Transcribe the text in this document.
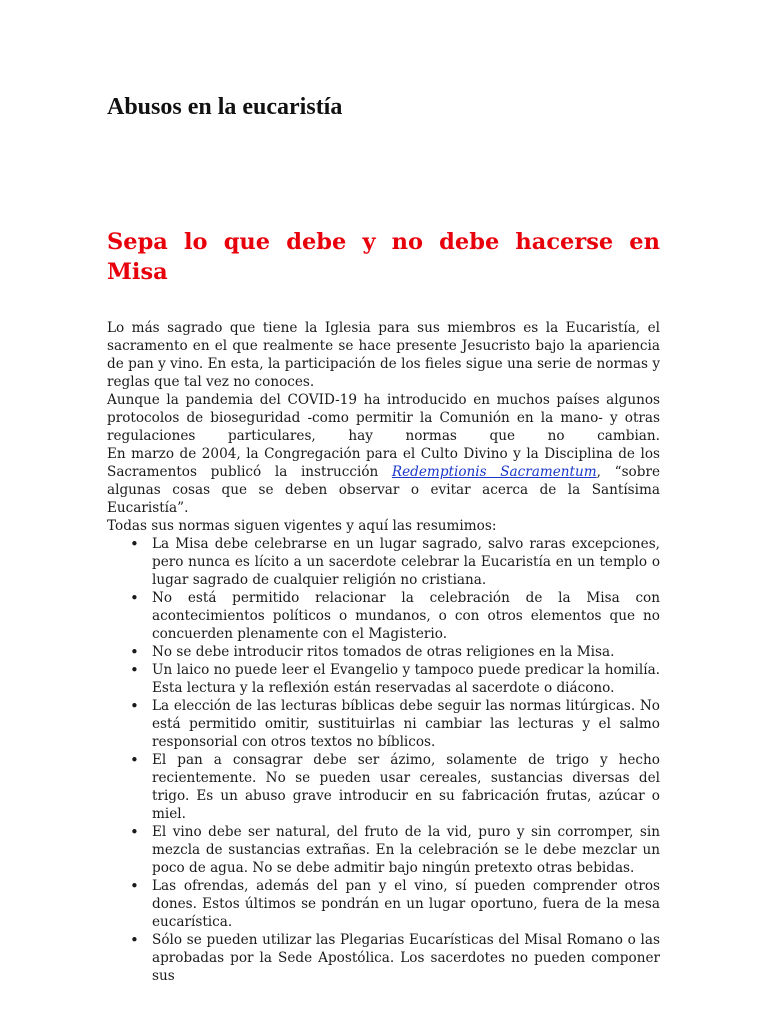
Abusos en la eucaristía
Sepa lo que debe y no debe hacerse en Misa

Lo más sagrado que tiene la Iglesia para sus miembros es la Eucaristía, el sacramento en el que realmente se hace presente Jesucristo bajo la apariencia de pan y vino. En esta, la participación de los fieles sigue una serie de normas y reglas que tal vez no conoces.

Aunque la pandemia del COVID-19 ha introducido en muchos países algunos protocolos de bioseguridad -como permitir la Comunión en la mano- y otras regulaciones particulares, hay normas que no cambian.

En marzo de 2004, la Congregación para el Culto Divino y la Disciplina de los Sacramentos publicó la instrucción Redemptionis Sacramentum, “sobre algunas cosas que se deben observar o evitar acerca de la Santísima Eucaristía”.

Todas sus normas siguen vigentes y aquí las resumimos:

• La Misa debe celebrarse en un lugar sagrado, salvo raras excepciones, pero nunca es lícito a un sacerdote celebrar la Eucaristía en un templo o lugar sagrado de cualquier religión no cristiana.
• No está permitido relacionar la celebración de la Misa con acontecimientos políticos o mundanos, o con otros elementos que no concuerden plenamente con el Magisterio.
• No se debe introducir ritos tomados de otras religiones en la Misa.
• Un laico no puede leer el Evangelio y tampoco puede predicar la homilía. Esta lectura y la reflexión están reservadas al sacerdote o diácono.
• La elección de las lecturas bíblicas debe seguir las normas litúrgicas. No está permitido omitir, sustituirlas ni cambiar las lecturas y el salmo responsorial con otros textos no bíblicos.
• El pan a consagrar debe ser ázimo, solamente de trigo y hecho recientemente. No se pueden usar cereales, sustancias diversas del trigo. Es un abuso grave introducir en su fabricación frutas, azúcar o miel.
• El vino debe ser natural, del fruto de la vid, puro y sin corromper, sin mezcla de sustancias extrañas. En la celebración se le debe mezclar un poco de agua. No se debe admitir bajo ningún pretexto otras bebidas.
• Las ofrendas, además del pan y el vino, sí pueden comprender otros dones. Estos últimos se pondrán en un lugar oportuno, fuera de la mesa eucarística.
• Sólo se pueden utilizar las Plegarias Eucarísticas del Misal Romano o las aprobadas por la Sede Apostólica. Los sacerdotes no pueden componer sus
